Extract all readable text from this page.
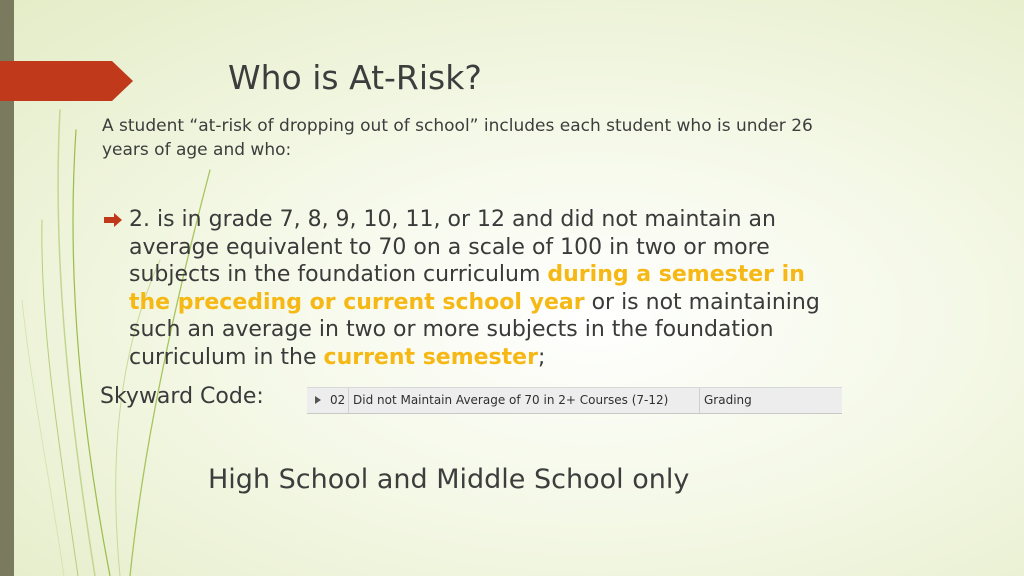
Who is At-Risk?
A student “at-risk of dropping out of school” includes each student who is under 26 years of age and who:
2. is in grade 7, 8, 9, 10, 11, or 12 and did not maintain an average equivalent to 70 on a scale of 100 in two or more subjects in the foundation curriculum during a semester in the preceding or current school year or is not maintaining such an average in two or more subjects in the foundation curriculum in the current semester;
Skyward Code:	02 Did not Maintain Average of 70 in 2+ Courses (7-12)	Grading
High School and Middle School only
